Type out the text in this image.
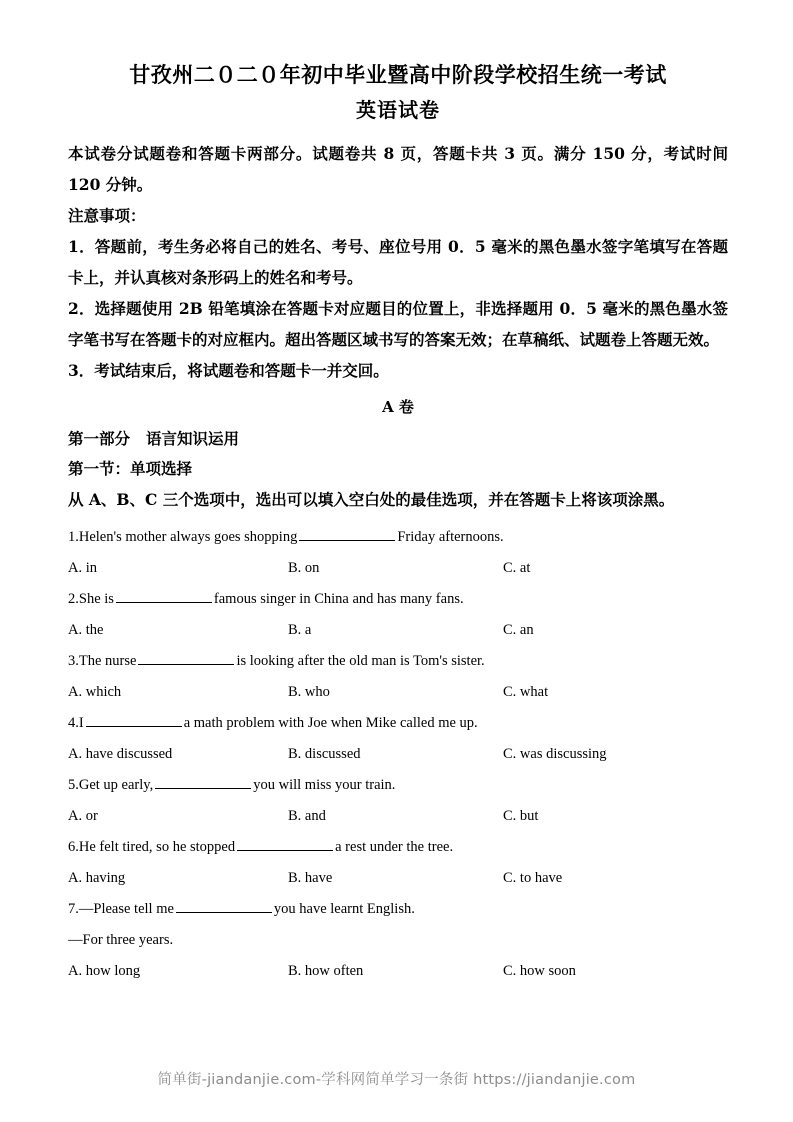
甘孜州二０二０年初中毕业暨高中阶段学校招生统一考试
英语试卷

本试卷分试题卷和答题卡两部分。试题卷共 8 页，答题卡共 3 页。满分 150 分，考试时间 120 分钟。

注意事项：

1．答题前，考生务必将自己的姓名、考号、座位号用 0．5 毫米的黑色墨水签字笔填写在答题卡上，并认真核对条形码上的姓名和考号。

2．选择题使用 2B 铅笔填涂在答题卡对应题目的位置上，非选择题用 0．5 毫米的黑色墨水签字笔书写在答题卡的对应框内。超出答题区域书写的答案无效；在草稿纸、试题卷上答题无效。

3．考试结束后，将试题卷和答题卡一并交回。

A 卷

第一部分 语言知识运用

第一节：单项选择

从 A、B、C 三个选项中，选出可以填入空白处的最佳选项，并在答题卡上将该项涂黑。

1.Helen's mother always goes shopping	Friday afternoons.

A. in	B. on	C. at

2.She is	famous singer in China and has many fans.

A. the	B. a	C. an

3.The nurse	is looking after the old man is Tom's sister.

A. which	B. who	C. what

4.I	a math problem with Joe when Mike called me up.

A. have discussed	B. discussed	C. was discussing

5.Get up early,	you will miss your train.

A. or	B. and	C. but

6.He felt tired, so he stopped	a rest under the tree.

A. having	B. have	C. to have

7.—Please tell me	you have learnt English.

—For three years.

A. how long	B. how often	C. how soon
简单街-jiandanjie.com-学科网简单学习一条街 https://jiandanjie.com
